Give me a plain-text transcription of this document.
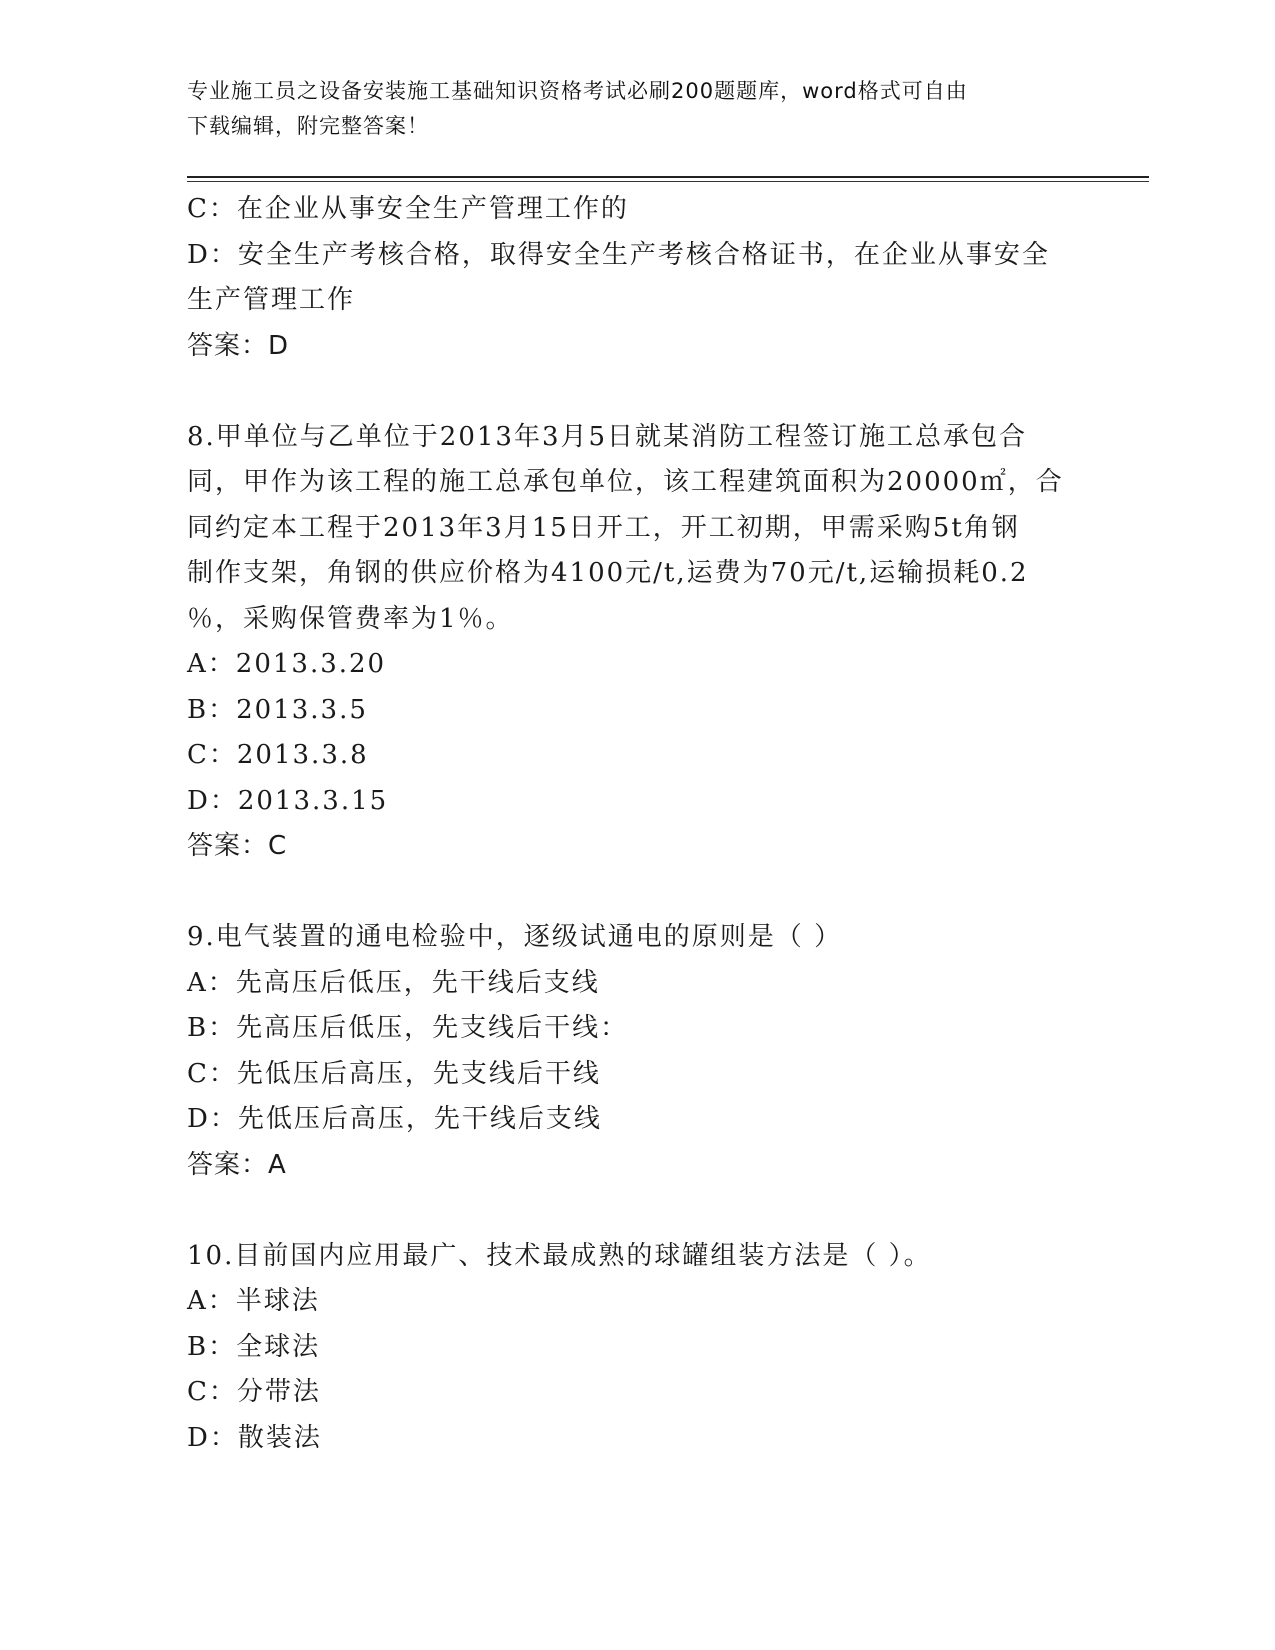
专业施工员之设备安装施工基础知识资格考试必刷200题题库，word格式可自由
下载编辑，附完整答案！
C：在企业从事安全生产管理工作的
D：安全生产考核合格，取得安全生产考核合格证书，在企业从事安全
生产管理工作
答案：D
8.甲单位与乙单位于2013年3月5日就某消防工程签订施工总承包合
同，甲作为该工程的施工总承包单位，该工程建筑面积为20000㎡，合
同约定本工程于2013年3月15日开工，开工初期，甲需采购5t角钢
制作支架，角钢的供应价格为4100元/t,运费为70元/t,运输损耗0.2
％，采购保管费率为1％。
A：2013.3.20
B：2013.3.5
C：2013.3.8
D：2013.3.15
答案：C
9.电气装置的通电检验中，逐级试通电的原则是（ ）
A：先高压后低压，先干线后支线
B：先高压后低压，先支线后干线：
C：先低压后高压，先支线后干线
D：先低压后高压，先干线后支线
答案：A
10.目前国内应用最广、技术最成熟的球罐组装方法是（ ）。
A：半球法
B：全球法
C：分带法
D：散装法
